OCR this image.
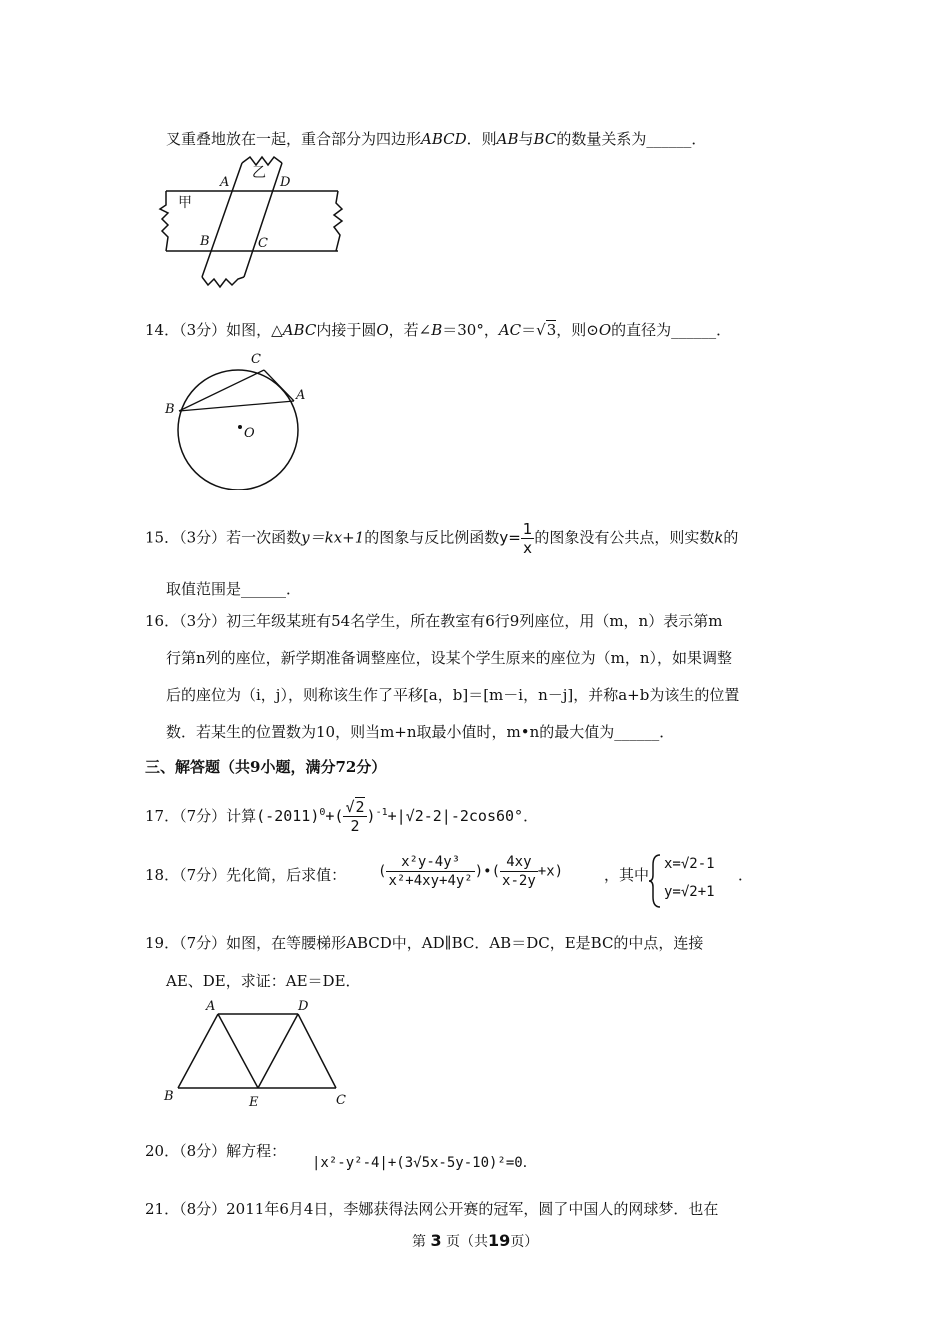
叉重叠地放在一起，重合部分为四边形ABCD．则AB与BC的数量关系为______．
A	D
B	C
甲
乙
14．（3分）如图，△ABC内接于圆O，若∠B＝30°，AC＝√3，则⊙O的直径为______．
C
B
A
O
15．（3分）若一次函数y＝kx+1的图象与反比例函数$y= \frac{1}{x}$ 的图象没有公共点，则实数k的
取值范围是______．
16．（3分）初三年级某班有54名学生，所在教室有6行9列座位，用（m，n）表示第m
行第n列的座位，新学期准备调整座位，设某个学生原来的座位为（m，n），如果调整
后的座位为（i，j），则称该生作了平移[a，b]＝[m－i，n－j]，并称a+b为该生的位置
数．若某生的位置数为10，则当m+n取最小值时，m•n的最大值为______．
三、解答题（共9小题，满分72分）
17．（7分）计算$(-2011)^0+( \frac{√2}{2} )^{-1}+|√2-2|-2\cos 60^\circ$．
18．（7分）先化简，后求值： ( $\frac{\text{x²y-4y³}}{\text{x²+4xy+4y²}}$ )•( $\frac{4xy}{x-2y} +x$)	，其中
x=√2-1
y=√2+1
．
19．（7分）如图，在等腰梯形ABCD中，AD∥BC．AB＝DC，E是BC的中点，连接
AE、DE，求证：AE＝DE．
A	D
B	E	C
20．（8分）解方程：
|x²-y²-4|+(3√5x-5y-10)²=0．
21．（8分）2011年6月4日，李娜获得法网公开赛的冠军，圆了中国人的网球梦．也在
第 3 页（共19页）
